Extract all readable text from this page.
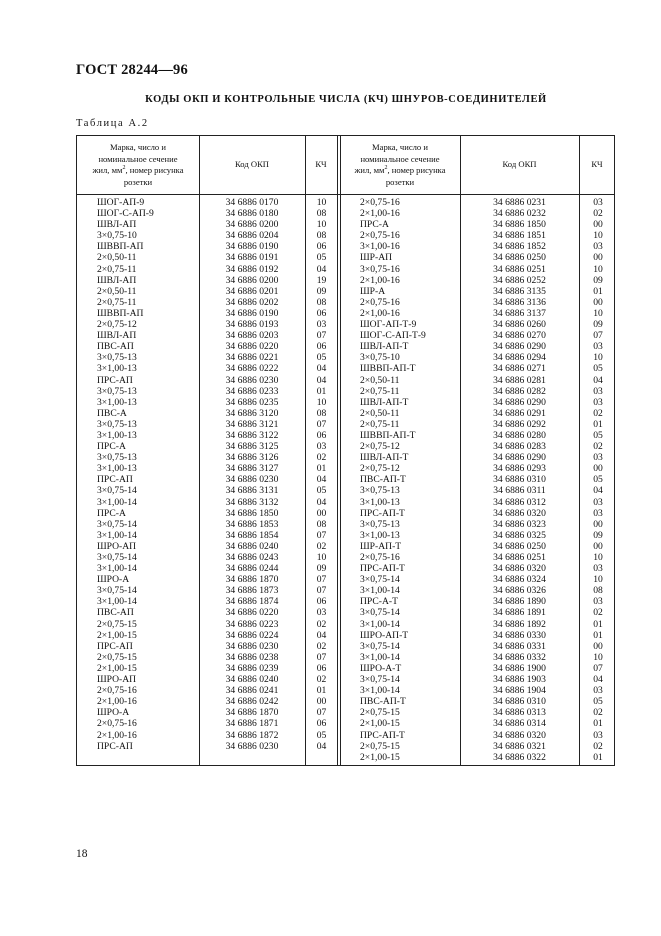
ГОСТ 28244—96
КОДЫ ОКП И КОНТРОЛЬНЫЕ ЧИСЛА (КЧ) ШНУРОВ-СОЕДИНИТЕЛЕЙ
Таблица А.2
Марка, число и
номинальное сечение
жил, $мм^2$, номер рисунка
розетки
Код ОКП	КЧ
Марка, число и
номинальное сечение
жил, $мм^2$, номер рисунка
розетки
Код ОКП	КЧ
ШОГ-АП-9
ШОГ-С-АП-9
ШВЛ-АП
3×0,75-10
ШВВП-АП
2×0,50-11
2×0,75-11
ШВЛ-АП
2×0,50-11
2×0,75-11
ШВВП-АП
2×0,75-12
ШВЛ-АП
ПВС-АП
3×0,75-13
3×1,00-13
ПРС-АП
3×0,75-13
3×1,00-13
ПВС-А
3×0,75-13
3×1,00-13
ПРС-А
3×0,75-13
3×1,00-13
ПРС-АП
3×0,75-14
3×1,00-14
ПРС-А
3×0,75-14
3×1,00-14
ШРО-АП
3×0,75-14
3×1,00-14
ШРО-А
3×0,75-14
3×1,00-14
ПВС-АП
2×0,75-15
2×1,00-15
ПРС-АП
2×0,75-15
2×1,00-15
ШРО-АП
2×0,75-16
2×1,00-16
ШРО-А
2×0,75-16
2×1,00-16
ПРС-АП
34 6886 0170
34 6886 0180
34 6886 0200
34 6886 0204
34 6886 0190
34 6886 0191
34 6886 0192
34 6886 0200
34 6886 0201
34 6886 0202
34 6886 0190
34 6886 0193
34 6886 0203
34 6886 0220
34 6886 0221
34 6886 0222
34 6886 0230
34 6886 0233
34 6886 0235
34 6886 3120
34 6886 3121
34 6886 3122
34 6886 3125
34 6886 3126
34 6886 3127
34 6886 0230
34 6886 3131
34 6886 3132
34 6886 1850
34 6886 1853
34 6886 1854
34 6886 0240
34 6886 0243
34 6886 0244
34 6886 1870
34 6886 1873
34 6886 1874
34 6886 0220
34 6886 0223
34 6886 0224
34 6886 0230
34 6886 0238
34 6886 0239
34 6886 0240
34 6886 0241
34 6886 0242
34 6886 1870
34 6886 1871
34 6886 1872
34 6886 0230
10
08
10
08
06
05
04
19
09
08
06
03
07
06
05
04
04
01
10
08
07
06
03
02
01
04
05
04
00
08
07
02
10
09
07
07
06
03
02
04
02
07
06
02
01
00
07
06
05
04
2×0,75-16
2×1,00-16
ПРС-А
2×0,75-16
3×1,00-16
ШР-АП
3×0,75-16
2×1,00-16
ШР-А
2×0,75-16
2×1,00-16
ШОГ-АП-Т-9
ШОГ-С-АП-Т-9
ШВЛ-АП-Т
3×0,75-10
ШВВП-АП-Т
2×0,50-11
2×0,75-11
ШВЛ-АП-Т
2×0,50-11
2×0,75-11
ШВВП-АП-Т
2×0,75-12
ШВЛ-АП-Т
2×0,75-12
ПВС-АП-Т
3×0,75-13
3×1,00-13
ПРС-АП-Т
3×0,75-13
3×1,00-13
ШР-АП-Т
2×0,75-16
ПРС-АП-Т
3×0,75-14
3×1,00-14
ПРС-А-Т
3×0,75-14
3×1,00-14
ШРО-АП-Т
3×0,75-14
3×1,00-14
ШРО-А-Т
3×0,75-14
3×1,00-14
ПВС-АП-Т
2×0,75-15
2×1,00-15
ПРС-АП-Т
2×0,75-15
2×1,00-15
34 6886 0231
34 6886 0232
34 6886 1850
34 6886 1851
34 6886 1852
34 6886 0250
34 6886 0251
34 6886 0252
34 6886 3135
34 6886 3136
34 6886 3137
34 6886 0260
34 6886 0270
34 6886 0290
34 6886 0294
34 6886 0271
34 6886 0281
34 6886 0282
34 6886 0290
34 6886 0291
34 6886 0292
34 6886 0280
34 6886 0283
34 6886 0290
34 6886 0293
34 6886 0310
34 6886 0311
34 6886 0312
34 6886 0320
34 6886 0323
34 6886 0325
34 6886 0250
34 6886 0251
34 6886 0320
34 6886 0324
34 6886 0326
34 6886 1890
34 6886 1891
34 6886 1892
34 6886 0330
34 6886 0331
34 6886 0332
34 6886 1900
34 6886 1903
34 6886 1904
34 6886 0310
34 6886 0313
34 6886 0314
34 6886 0320
34 6886 0321
34 6886 0322
03
02
00
10
03
00
10
09
01
00
10
09
07
03
10
05
04
03
03
02
01
05
02
03
00
05
04
03
03
00
09
00
10
03
10
08
03
02
01
01
00
10
07
04
03
05
02
01
03
02
01
18
